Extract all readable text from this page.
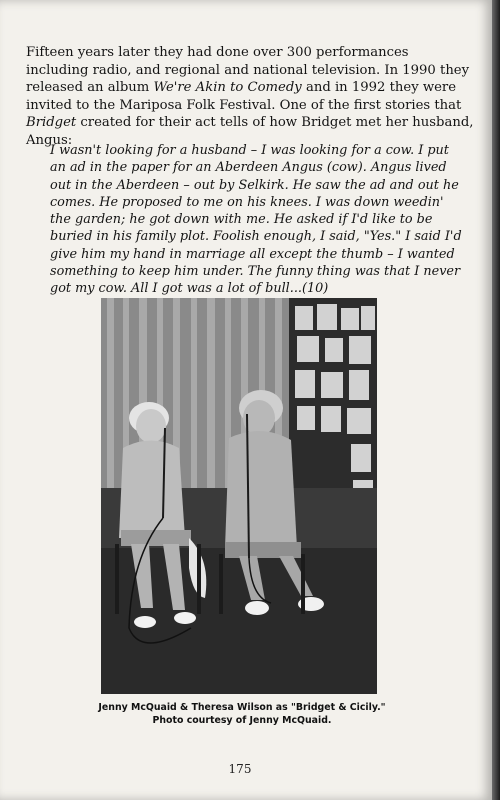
Fifteen years later they had done over 300 performances including radio, and regional and national television. In 1990 they released an album We're Akin to Comedy and in 1992 they were invited to the Mariposa Folk Festival. One of the first stories that Bridget created for their act tells of how Bridget met her husband, Angus:

I wasn't looking for a husband – I was looking for a cow. I put an ad in the paper for an Aberdeen Angus (cow). Angus lived out in the Aberdeen – out by Selkirk. He saw the ad and out he comes. He proposed to me on his knees. I was down weedin' the garden; he got down with me. He asked if I'd like to be buried in his family plot. Foolish enough, I said, "Yes." I said I'd give him my hand in marriage all except the thumb – I wanted something to keep him under. The funny thing was that I never got my cow. All I got was a lot of bull...(10)

Jenny McQuaid & Theresa Wilson as "Bridget & Cicily."
Photo courtesy of Jenny McQuaid.
175
